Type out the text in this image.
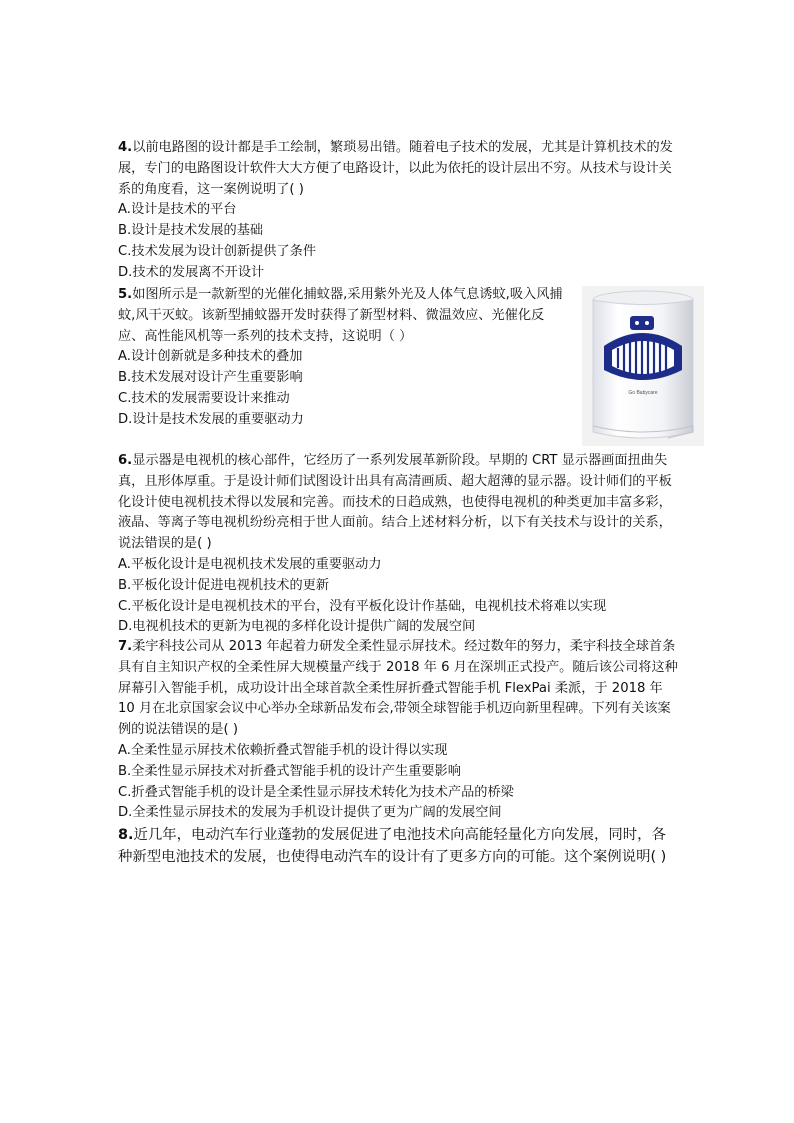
4.以前电路图的设计都是手工绘制，繁琐易出错。随着电子技术的发展，尤其是计算机技术的发展，专门的电路图设计软件大大方便了电路设计，以此为依托的设计层出不穷。从技术与设计关系的角度看，这一案例说明了( )

A.设计是技术的平台

B.设计是技术发展的基础

C.技术发展为设计创新提供了条件

D.技术的发展离不开设计

5.如图所示是一款新型的光催化捕蚊器,采用紫外光及人体气息诱蚊,吸入风捕蚊,风干灭蚊。该新型捕蚊器开发时获得了新型材料、微温效应、光催化反应、高性能风机等一系列的技术支持，这说明（ ）

A.设计创新就是多种技术的叠加

B.技术发展对设计产生重要影响

C.技术的发展需要设计来推动

D.设计是技术发展的重要驱动力

Go Babycare

6.显示器是电视机的核心部件，它经历了一系列发展革新阶段。早期的 CRT 显示器画面扭曲失真，且形体厚重。于是设计师们试图设计出具有高清画质、超大超薄的显示器。设计师们的平板化设计使电视机技术得以发展和完善。而技术的日趋成熟，也使得电视机的种类更加丰富多彩，液晶、等离子等电视机纷纷亮相于世人面前。结合上述材料分析，以下有关技术与设计的关系，说法错误的是( )

A.平板化设计是电视机技术发展的重要驱动力

B.平板化设计促进电视机技术的更新

C.平板化设计是电视机技术的平台，没有平板化设计作基础，电视机技术将难以实现

D.电视机技术的更新为电视的多样化设计提供广阔的发展空间

7.柔宇科技公司从 2013 年起着力研发全柔性显示屏技术。经过数年的努力，柔宇科技全球首条具有自主知识产权的全柔性屏大规模量产线于 2018 年 6 月在深圳正式投产。随后该公司将这种屏幕引入智能手机，成功设计出全球首款全柔性屏折叠式智能手机 FlexPai 柔派，于 2018 年 10 月在北京国家会议中心举办全球新品发布会,带领全球智能手机迈向新里程碑。下列有关该案例的说法错误的是( )

A.全柔性显示屏技术依赖折叠式智能手机的设计得以实现

B.全柔性显示屏技术对折叠式智能手机的设计产生重要影响

C.折叠式智能手机的设计是全柔性显示屏技术转化为技术产品的桥梁

D.全柔性显示屏技术的发展为手机设计提供了更为广阔的发展空间

8.近几年，电动汽车行业蓬勃的发展促进了电池技术向高能轻量化方向发展，同时，各种新型电池技术的发展，也使得电动汽车的设计有了更多方向的可能。这个案例说明( )
